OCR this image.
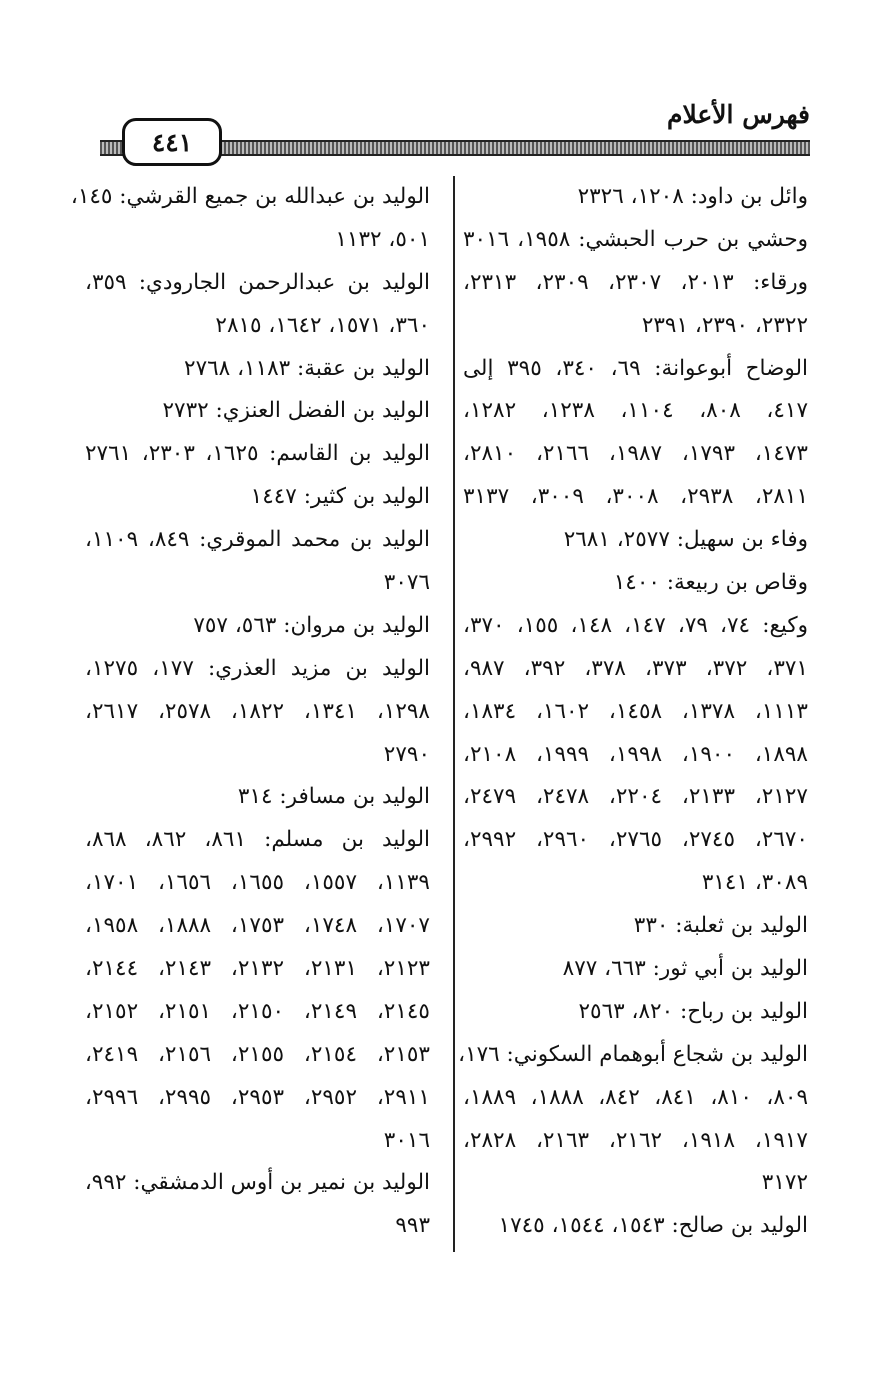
٤٤١
فهرس الأعلام
وائل بن داود: ١٢٠٨، ٢٣٢٦
وحشي بن حرب الحبشي: ١٩٥٨، ٣٠١٦
ورقاء: ٢٠١٣، ٢٣٠٧، ٢٣٠٩، ٢٣١٣،
٢٣٢٢، ٢٣٩٠، ٢٣٩١
الوضاح أبوعوانة: ٦٩، ٣٤٠، ٣٩٥ إلى
٤١٧، ٨٠٨، ١١٠٤، ١٢٣٨، ١٢٨٢،
١٤٧٣، ١٧٩٣، ١٩٨٧، ٢١٦٦، ٢٨١٠،
٢٨١١، ٢٩٣٨، ٣٠٠٨، ٣٠٠٩، ٣١٣٧
وفاء بن سهيل: ٢٥٧٧، ٢٦٨١
وقاص بن ربيعة: ١٤٠٠
وكيع: ٧٤، ٧٩، ١٤٧، ١٤٨، ١٥٥، ٣٧٠،
٣٧١، ٣٧٢، ٣٧٣، ٣٧٨، ٣٩٢، ٩٨٧،
١١١٣، ١٣٧٨، ١٤٥٨، ١٦٠٢، ١٨٣٤،
١٨٩٨، ١٩٠٠، ١٩٩٨، ١٩٩٩، ٢١٠٨،
٢١٢٧، ٢١٣٣، ٢٢٠٤، ٢٤٧٨، ٢٤٧٩،
٢٦٧٠، ٢٧٤٥، ٢٧٦٥، ٢٩٦٠، ٢٩٩٢،
٣٠٨٩، ٣١٤١
الوليد بن ثعلبة: ٣٣٠
الوليد بن أبي ثور: ٦٦٣، ٨٧٧
الوليد بن رباح: ٨٢٠، ٢٥٦٣
الوليد بن شجاع أبوهمام السكوني: ١٧٦،
٨٠٩، ٨١٠، ٨٤١، ٨٤٢، ١٨٨٨، ١٨٨٩،
١٩١٧، ١٩١٨، ٢١٦٢، ٢١٦٣، ٢٨٢٨،
٣١٧٢
الوليد بن صالح: ١٥٤٣، ١٥٤٤، ١٧٤٥
الوليد بن عبدالله بن جميع القرشي: ١٤٥،
٥٠١، ١١٣٢
الوليد بن عبدالرحمن الجارودي: ٣٥٩،
٣٦٠، ١٥٧١، ١٦٤٢، ٢٨١٥
الوليد بن عقبة: ١١٨٣، ٢٧٦٨
الوليد بن الفضل العنزي: ٢٧٣٢
الوليد بن القاسم: ١٦٢٥، ٢٣٠٣، ٢٧٦١
الوليد بن كثير: ١٤٤٧
الوليد بن محمد الموقري: ٨٤٩، ١١٠٩،
٣٠٧٦
الوليد بن مروان: ٥٦٣، ٧٥٧
الوليد بن مزيد العذري: ١٧٧، ١٢٧٥،
١٢٩٨، ١٣٤١، ١٨٢٢، ٢٥٧٨، ٢٦١٧،
٢٧٩٠
الوليد بن مسافر: ٣١٤
الوليد بن مسلم: ٨٦١، ٨٦٢، ٨٦٨،
١١٣٩، ١٥٥٧، ١٦٥٥، ١٦٥٦، ١٧٠١،
١٧٠٧، ١٧٤٨، ١٧٥٣، ١٨٨٨، ١٩٥٨،
٢١٢٣، ٢١٣١، ٢١٣٢، ٢١٤٣، ٢١٤٤،
٢١٤٥، ٢١٤٩، ٢١٥٠، ٢١٥١، ٢١٥٢،
٢١٥٣، ٢١٥٤، ٢١٥٥، ٢١٥٦، ٢٤١٩،
٢٩١١، ٢٩٥٢، ٢٩٥٣، ٢٩٩٥، ٢٩٩٦،
٣٠١٦
الوليد بن نمير بن أوس الدمشقي: ٩٩٢،
٩٩٣
